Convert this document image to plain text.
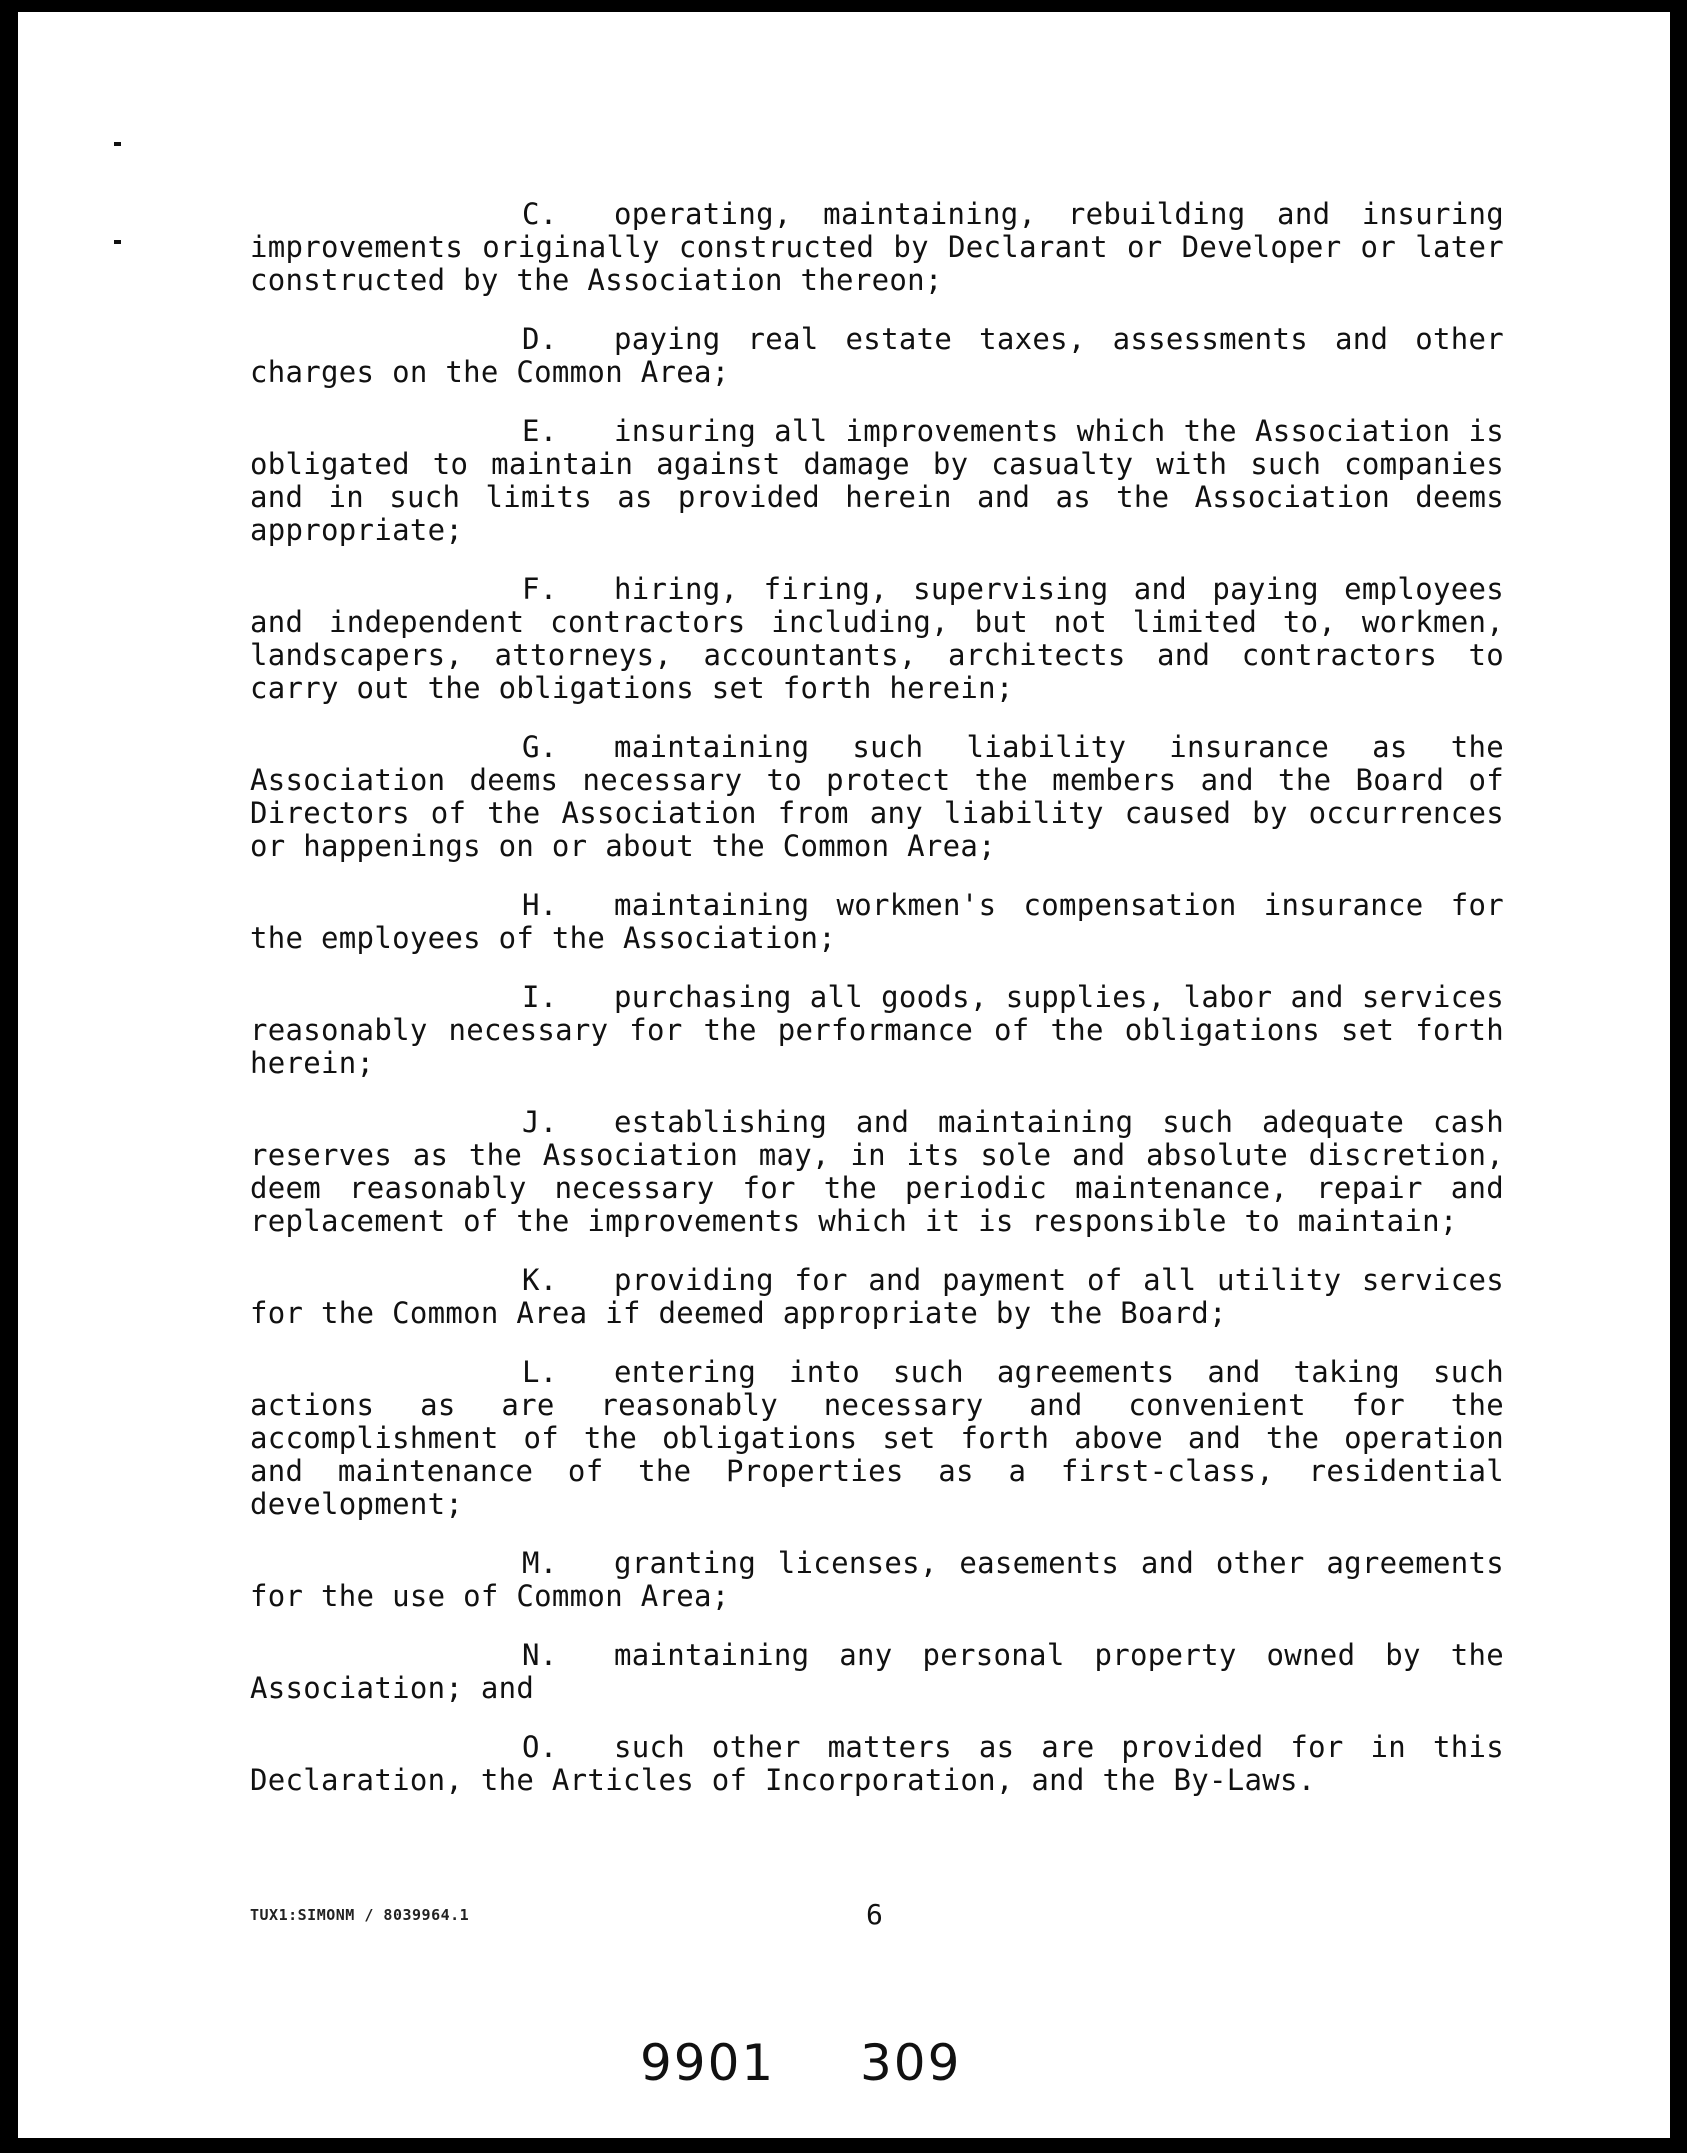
C. operating, maintaining, rebuilding and insuring improvements originally constructed by Declarant or Developer or later constructed by the Association thereon;

D. paying real estate taxes, assessments and other charges on the Common Area;

E. insuring all improvements which the Association is obligated to maintain against damage by casualty with such companies and in such limits as provided herein and as the Association deems appropriate;

F. hiring, firing, supervising and paying employees and independent contractors including, but not limited to, workmen, landscapers, attorneys, accountants, architects and contractors to carry out the obligations set forth herein;

G. maintaining such liability insurance as the Association deems necessary to protect the members and the Board of Directors of the Association from any liability caused by occurrences or happenings on or about the Common Area;

H. maintaining workmen's compensation insurance for the employees of the Association;

I. purchasing all goods, supplies, labor and services reasonably necessary for the performance of the obligations set forth herein;

J. establishing and maintaining such adequate cash reserves as the Association may, in its sole and absolute discretion, deem reasonably necessary for the periodic maintenance, repair and replacement of the improvements which it is responsible to maintain;

K. providing for and payment of all utility services for the Common Area if deemed appropriate by the Board;

L. entering into such agreements and taking such actions as are reasonably necessary and convenient for the accomplishment of the obligations set forth above and the operation and maintenance of the Properties as a first-class, residential development;

M. granting licenses, easements and other agreements for the use of Common Area;

N. maintaining any personal property owned by the Association; and

O. such other matters as are provided for in this Declaration, the Articles of Incorporation, and the By-Laws.

TUX1:SIMONM / 8039964.1	6
9901 309
